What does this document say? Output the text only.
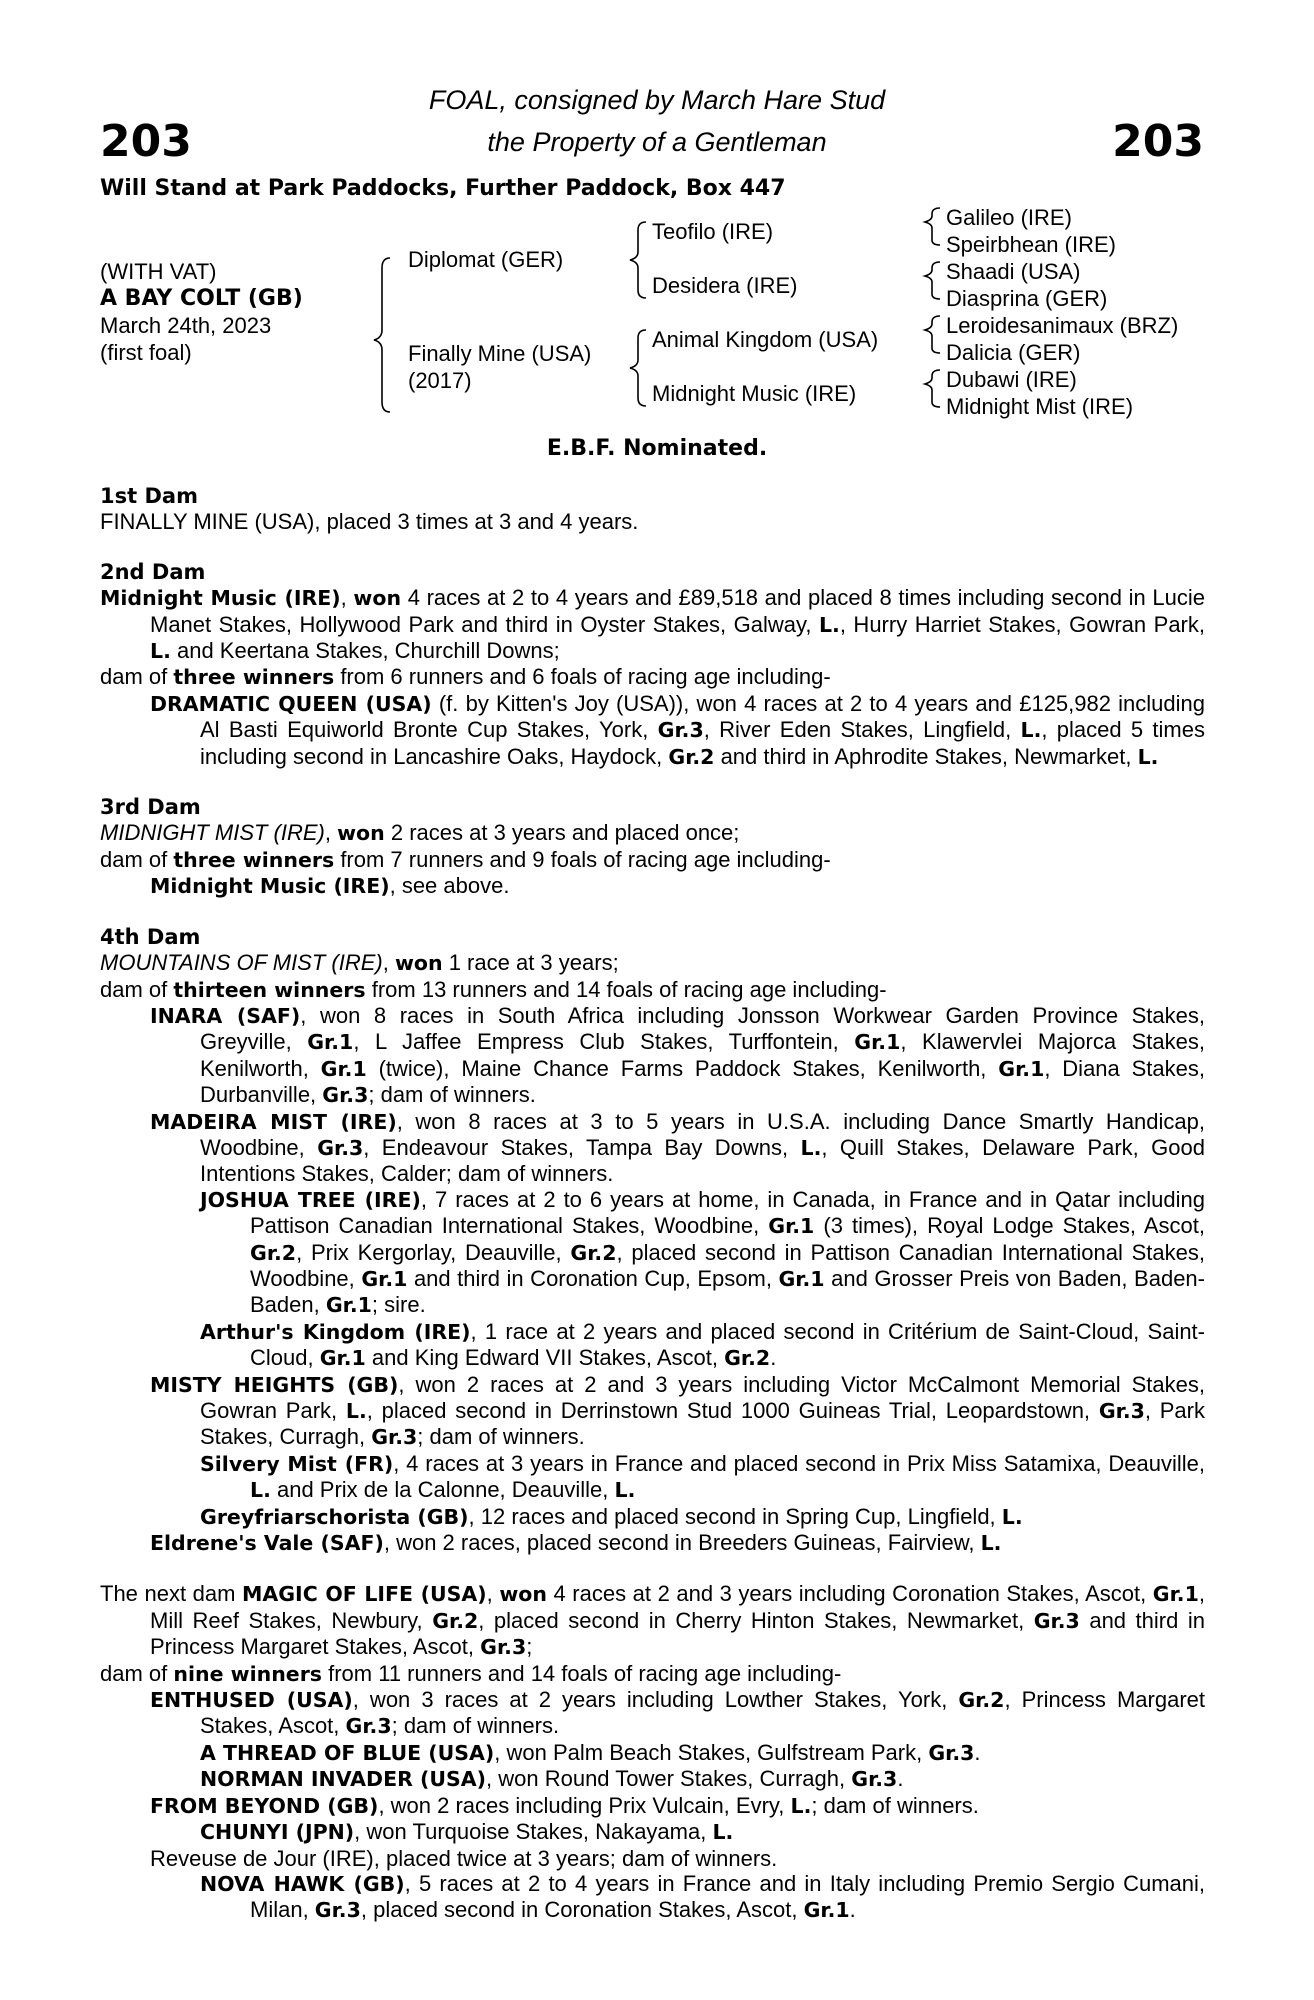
203	203
FOAL, consigned by March Hare Stud
the Property of a Gentleman
Will Stand at Park Paddocks, Further Paddock, Box 447
(WITH VAT)
A BAY COLT (GB)
March 24th, 2023
(first foal)
Diplomat (GER)
Finally Mine (USA)
(2017)
Teofilo (IRE)
Desidera (IRE)
Animal Kingdom (USA)
Midnight Music (IRE)
Galileo (IRE)
Speirbhean (IRE)
Shaadi (USA)
Diasprina (GER)
Leroidesanimaux (BRZ)
Dalicia (GER)
Dubawi (IRE)
Midnight Mist (IRE)
E.B.F. Nominated.
1st Dam
FINALLY MINE (USA), placed 3 times at 3 and 4 years.
2nd Dam
Midnight Music (IRE), won 4 races at 2 to 4 years and £89,518 and placed 8 times including second in Lucie Manet Stakes, Hollywood Park and third in Oyster Stakes, Galway, L., Hurry Harriet Stakes, Gowran Park, L. and Keertana Stakes, Churchill Downs;
dam of three winners from 6 runners and 6 foals of racing age including-
DRAMATIC QUEEN (USA) (f. by Kitten's Joy (USA)), won 4 races at 2 to 4 years and £125,982 including Al Basti Equiworld Bronte Cup Stakes, York, Gr.3, River Eden Stakes, Lingfield, L., placed 5 times including second in Lancashire Oaks, Haydock, Gr.2 and third in Aphrodite Stakes, Newmarket, L.
3rd Dam
MIDNIGHT MIST (IRE), won 2 races at 3 years and placed once;
dam of three winners from 7 runners and 9 foals of racing age including-
Midnight Music (IRE), see above.
4th Dam
MOUNTAINS OF MIST (IRE), won 1 race at 3 years;
dam of thirteen winners from 13 runners and 14 foals of racing age including-
INARA (SAF), won 8 races in South Africa including Jonsson Workwear Garden Province Stakes, Greyville, Gr.1, L Jaffee Empress Club Stakes, Turffontein, Gr.1, Klawervlei Majorca Stakes, Kenilworth, Gr.1 (twice), Maine Chance Farms Paddock Stakes, Kenilworth, Gr.1, Diana Stakes, Durbanville, Gr.3; dam of winners.
MADEIRA MIST (IRE), won 8 races at 3 to 5 years in U.S.A. including Dance Smartly Handicap, Woodbine, Gr.3, Endeavour Stakes, Tampa Bay Downs, L., Quill Stakes, Delaware Park, Good Intentions Stakes, Calder; dam of winners.
JOSHUA TREE (IRE), 7 races at 2 to 6 years at home, in Canada, in France and in Qatar including Pattison Canadian International Stakes, Woodbine, Gr.1 (3 times), Royal Lodge Stakes, Ascot, Gr.2, Prix Kergorlay, Deauville, Gr.2, placed second in Pattison Canadian International Stakes, Woodbine, Gr.1 and third in Coronation Cup, Epsom, Gr.1 and Grosser Preis von Baden, Baden-Baden, Gr.1; sire.
Arthur's Kingdom (IRE), 1 race at 2 years and placed second in Critérium de Saint-Cloud, Saint-Cloud, Gr.1 and King Edward VII Stakes, Ascot, Gr.2.
MISTY HEIGHTS (GB), won 2 races at 2 and 3 years including Victor McCalmont Memorial Stakes, Gowran Park, L., placed second in Derrinstown Stud 1000 Guineas Trial, Leopardstown, Gr.3, Park Stakes, Curragh, Gr.3; dam of winners.
Silvery Mist (FR), 4 races at 3 years in France and placed second in Prix Miss Satamixa, Deauville, L. and Prix de la Calonne, Deauville, L.
Greyfriarschorista (GB), 12 races and placed second in Spring Cup, Lingfield, L.
Eldrene's Vale (SAF), won 2 races, placed second in Breeders Guineas, Fairview, L.
The next dam MAGIC OF LIFE (USA), won 4 races at 2 and 3 years including Coronation Stakes, Ascot, Gr.1, Mill Reef Stakes, Newbury, Gr.2, placed second in Cherry Hinton Stakes, Newmarket, Gr.3 and third in Princess Margaret Stakes, Ascot, Gr.3;
dam of nine winners from 11 runners and 14 foals of racing age including-
ENTHUSED (USA), won 3 races at 2 years including Lowther Stakes, York, Gr.2, Princess Margaret Stakes, Ascot, Gr.3; dam of winners.
A THREAD OF BLUE (USA), won Palm Beach Stakes, Gulfstream Park, Gr.3.
NORMAN INVADER (USA), won Round Tower Stakes, Curragh, Gr.3.
FROM BEYOND (GB), won 2 races including Prix Vulcain, Evry, L.; dam of winners.
CHUNYI (JPN), won Turquoise Stakes, Nakayama, L.
Reveuse de Jour (IRE), placed twice at 3 years; dam of winners.
NOVA HAWK (GB), 5 races at 2 to 4 years in France and in Italy including Premio Sergio Cumani, Milan, Gr.3, placed second in Coronation Stakes, Ascot, Gr.1.
